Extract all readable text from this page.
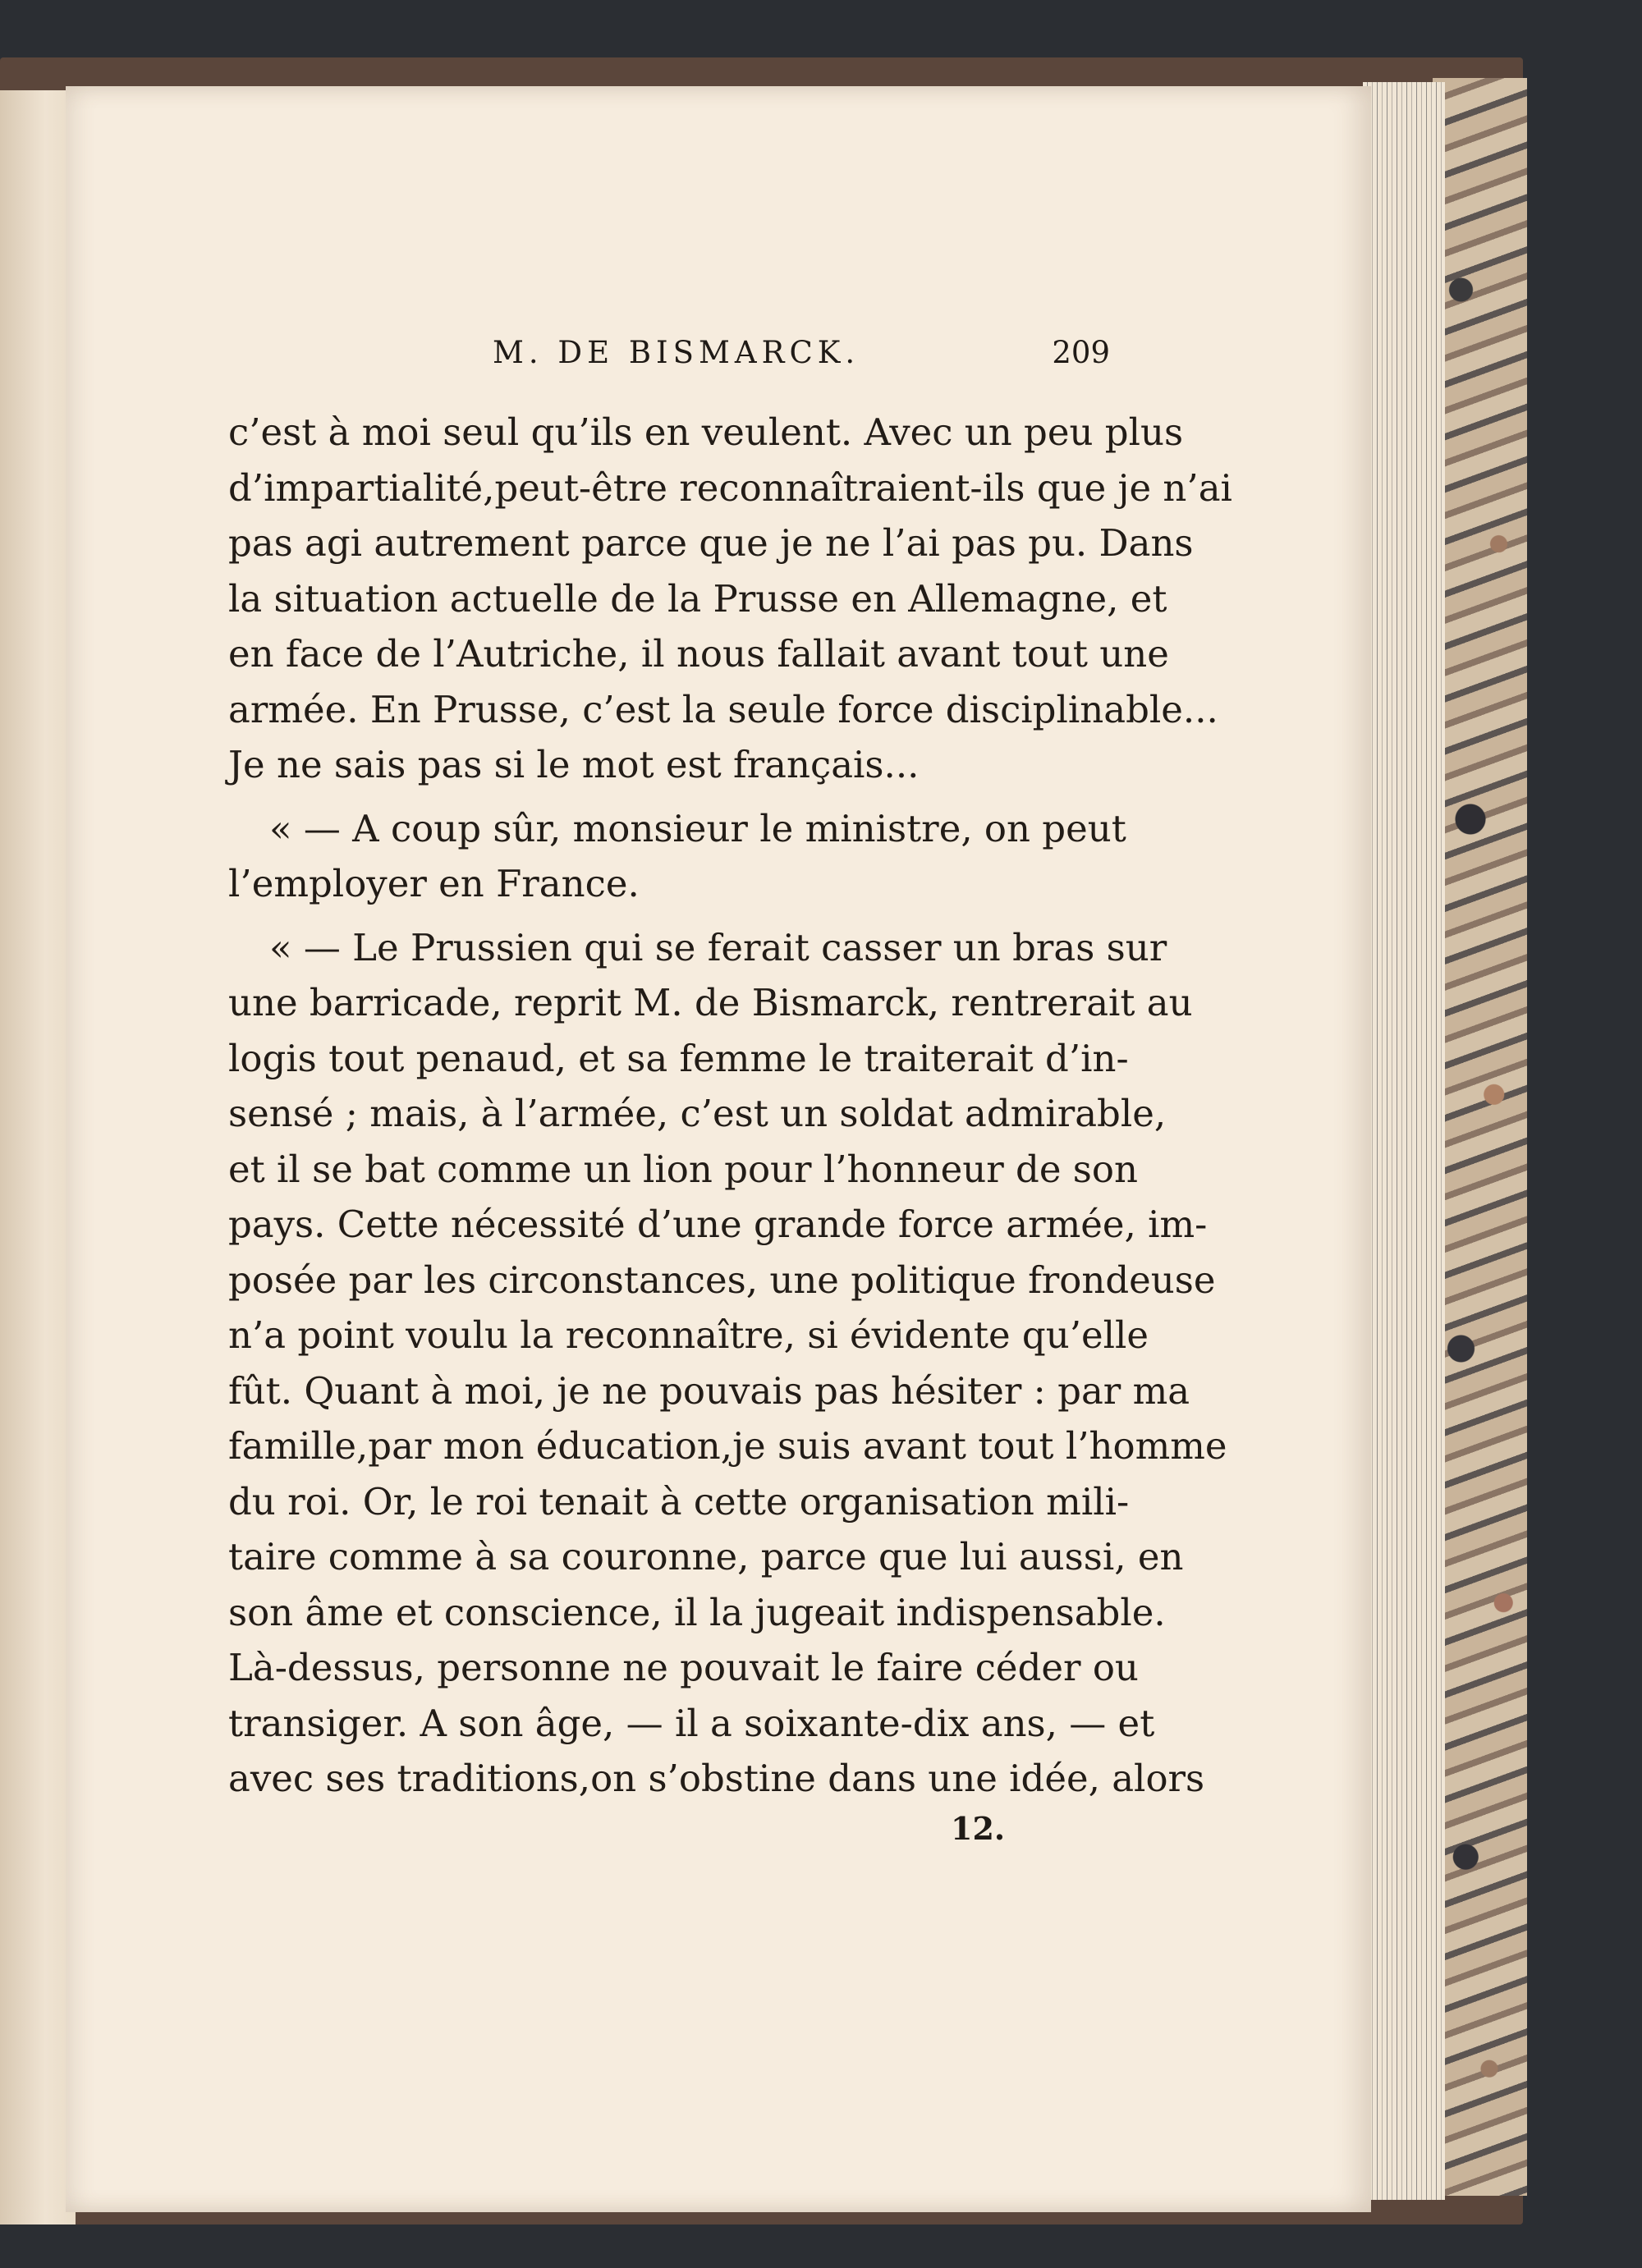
M. DE BISMARCK.	209
c’est à moi seul qu’ils en veulent. Avec un peu plus
d’impartialité,peut-être reconnaîtraient-ils que je n’ai
pas agi autrement parce que je ne l’ai pas pu. Dans
la situation actuelle de la Prusse en Allemagne, et
en face de l’Autriche, il nous fallait avant tout une
armée. En Prusse, c’est la seule force disciplinable...
Je ne sais pas si le mot est français...
« — A coup sûr, monsieur le ministre, on peut
l’employer en France.
« — Le Prussien qui se ferait casser un bras sur
une barricade, reprit M. de Bismarck, rentrerait au
logis tout penaud, et sa femme le traiterait d’in-
sensé ; mais, à l’armée, c’est un soldat admirable,
et il se bat comme un lion pour l’honneur de son
pays. Cette nécessité d’une grande force armée, im-
posée par les circonstances, une politique frondeuse
n’a point voulu la reconnaître, si évidente qu’elle
fût. Quant à moi, je ne pouvais pas hésiter : par ma
famille,par mon éducation,je suis avant tout l’homme
du roi. Or, le roi tenait à cette organisation mili-
taire comme à sa couronne, parce que lui aussi, en
son âme et conscience, il la jugeait indispensable.
Là-dessus, personne ne pouvait le faire céder ou
transiger. A son âge, — il a soixante-dix ans, — et
avec ses traditions,on s’obstine dans une idée, alors
12.
